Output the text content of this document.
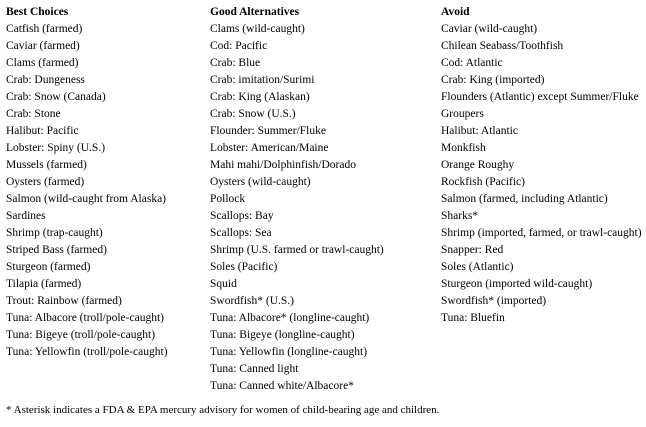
Best Choices
Catfish (farmed)
Caviar (farmed)
Clams (farmed)
Crab: Dungeness
Crab: Snow (Canada)
Crab: Stone
Halibut: Pacific
Lobster: Spiny (U.S.)
Mussels (farmed)
Oysters (farmed)
Salmon (wild-caught from Alaska)
Sardines
Shrimp (trap-caught)
Striped Bass (farmed)
Sturgeon (farmed)
Tilapia (farmed)
Trout: Rainbow (farmed)
Tuna: Albacore (troll/pole-caught)
Tuna: Bigeye (troll/pole-caught)
Tuna: Yellowfin (troll/pole-caught)
Good Alternatives
Clams (wild-caught)
Cod: Pacific
Crab: Blue
Crab: imitation/Surimi
Crab: King (Alaskan)
Crab: Snow (U.S.)
Flounder: Summer/Fluke
Lobster: American/Maine
Mahi mahi/Dolphinfish/Dorado
Oysters (wild-caught)
Pollock
Scallops: Bay
Scallops: Sea
Shrimp (U.S. farmed or trawl-caught)
Soles (Pacific)
Squid
Swordfish* (U.S.)
Tuna: Albacore* (longline-caught)
Tuna: Bigeye (longline-caught)
Tuna: Yellowfin (longline-caught)
Tuna: Canned light
Tuna: Canned white/Albacore*
Avoid
Caviar (wild-caught)
Chilean Seabass/Toothfish
Cod: Atlantic
Crab: King (imported)
Flounders (Atlantic) except Summer/Fluke
Groupers
Halibut: Atlantic
Monkfish
Orange Roughy
Rockfish (Pacific)
Salmon (farmed, including Atlantic)
Sharks*
Shrimp (imported, farmed, or trawl-caught)
Snapper: Red
Soles (Atlantic)
Sturgeon (imported wild-caught)
Swordfish* (imported)
Tuna: Bluefin
* Asterisk indicates a FDA & EPA mercury advisory for women of child-bearing age and children.
